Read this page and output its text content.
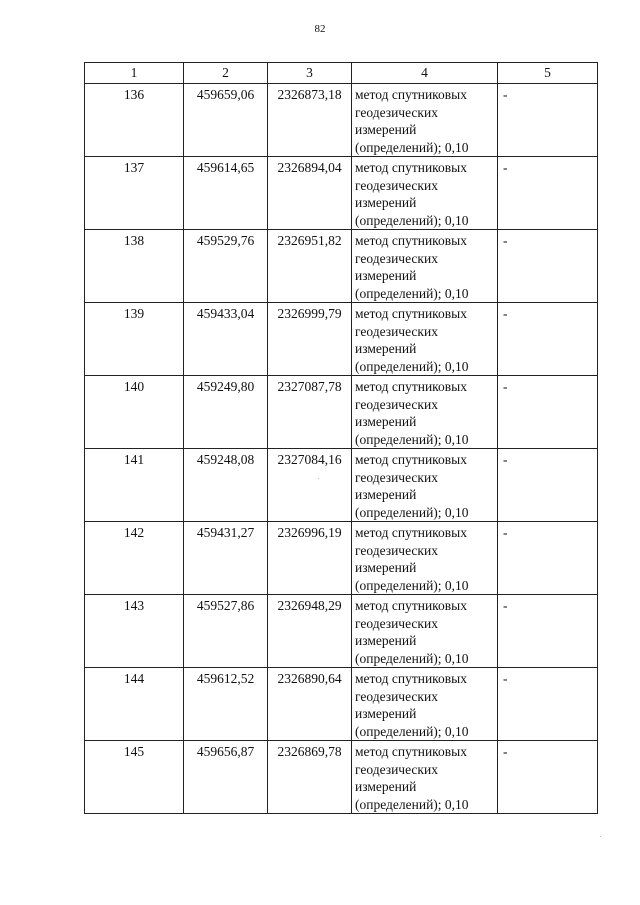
82
1	2	3	4	5
136	459659,06	2326873,18	метод спутниковых
геодезических
измерений
(определений); 0,10	-
137	459614,65	2326894,04	метод спутниковых
геодезических
измерений
(определений); 0,10	-
138	459529,76	2326951,82	метод спутниковых
геодезических
измерений
(определений); 0,10	-
139	459433,04	2326999,79	метод спутниковых
геодезических
измерений
(определений); 0,10	-
140	459249,80	2327087,78	метод спутниковых
геодезических
измерений
(определений); 0,10	-
141	459248,08	2327084,16	метод спутниковых
геодезических
измерений
(определений); 0,10	-
142	459431,27	2326996,19	метод спутниковых
геодезических
измерений
(определений); 0,10	-
143	459527,86	2326948,29	метод спутниковых
геодезических
измерений
(определений); 0,10	-
144	459612,52	2326890,64	метод спутниковых
геодезических
измерений
(определений); 0,10	-
145	459656,87	2326869,78	метод спутниковых
геодезических
измерений
(определений); 0,10	-
